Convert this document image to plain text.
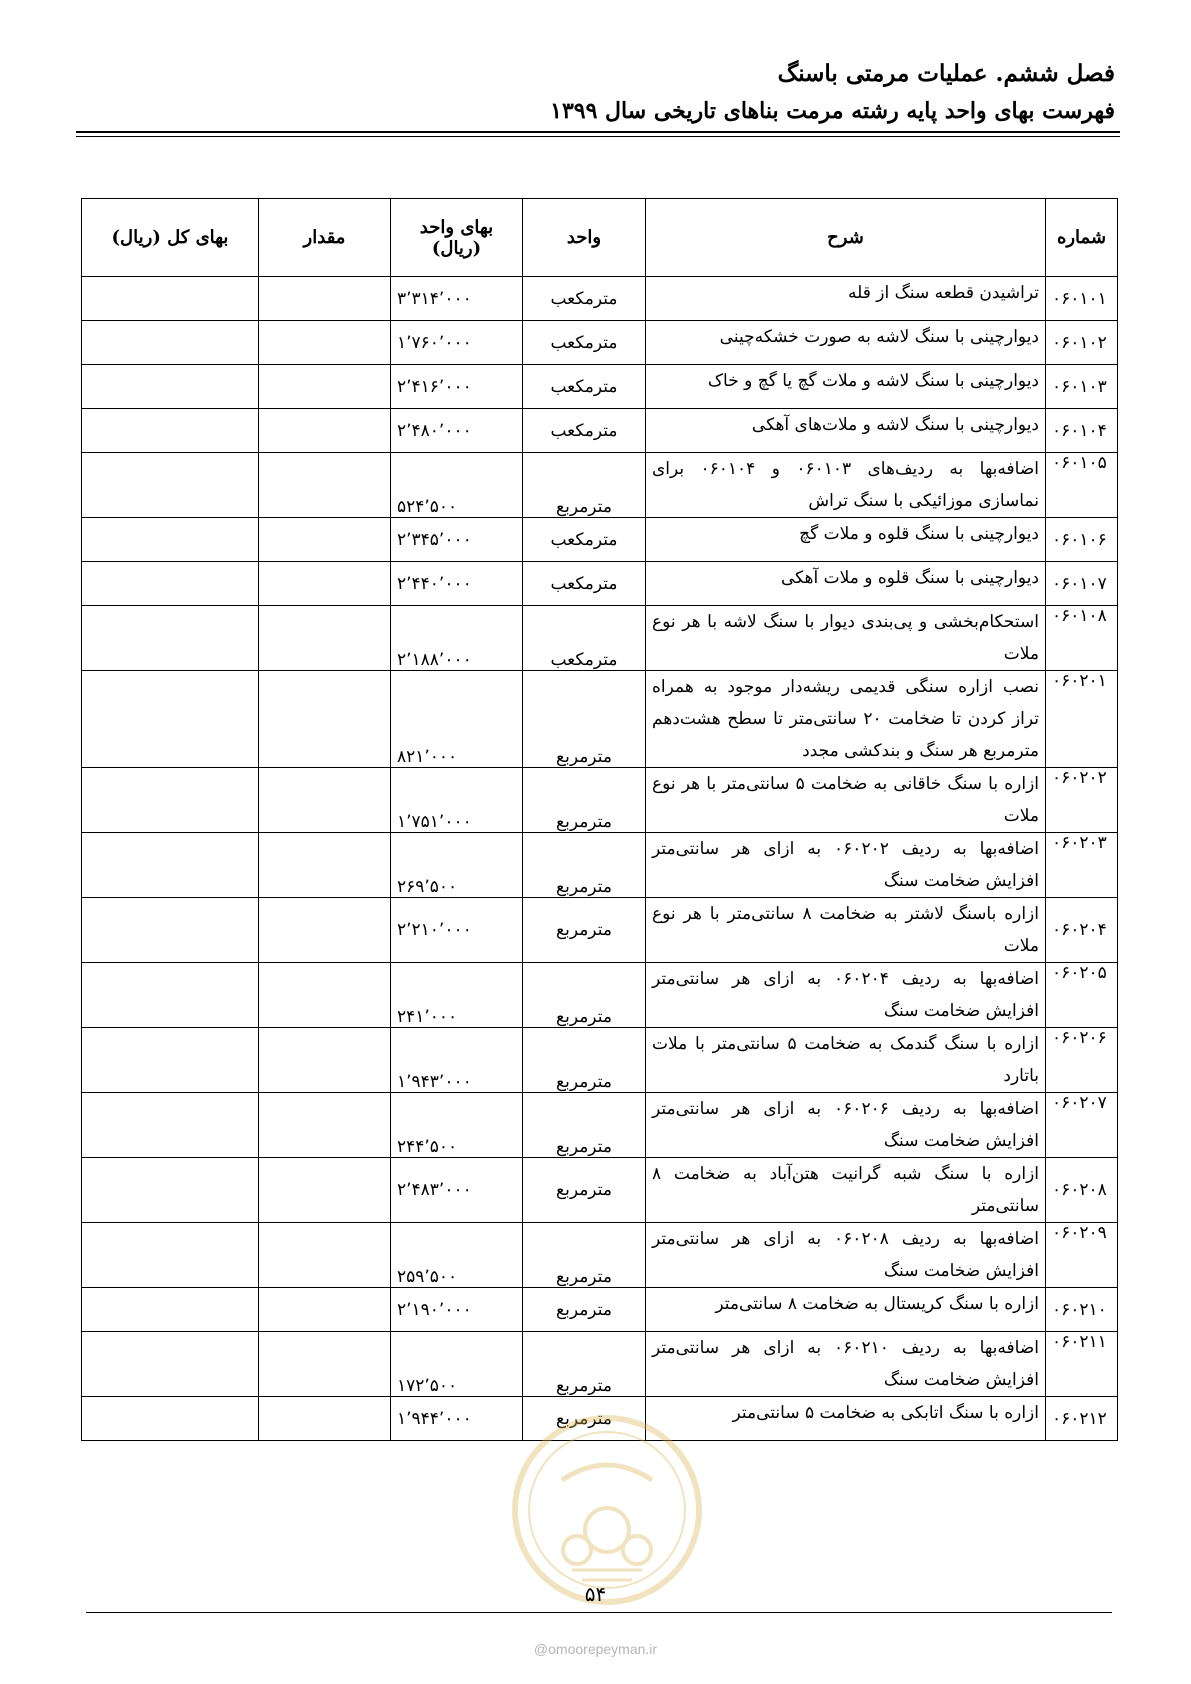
فصل ششم. عملیات مرمتی باسنگ
فهرست بهای واحد پایه رشته مرمت بناهای تاریخی سال ۱۳۹۹
شماره	شرح	واحد	بهای واحد (ریال)	مقدار	بهای کل (ریال)
۰۶۰۱۰۱	تراشیدن قطعه سنگ از قله	مترمکعب	۳٬۳۱۴٬۰۰۰		
۰۶۰۱۰۲	دیوارچینی با سنگ لاشه به صورت خشکه‌چینی	مترمکعب	۱٬۷۶۰٬۰۰۰		
۰۶۰۱۰۳	دیوارچینی با سنگ لاشه و ملات گچ یا گچ و خاک	مترمکعب	۲٬۴۱۶٬۰۰۰		
۰۶۰۱۰۴	دیوارچینی با سنگ لاشه و ملات‌های آهکی	مترمکعب	۲٬۴۸۰٬۰۰۰		
۰۶۰۱۰۵	اضافه‌بها به ردیف‌های ۰۶۰۱۰۳ و ۰۶۰۱۰۴ برای نماسازی موزائیکی با سنگ تراش	مترمربع	۵۲۴٬۵۰۰		
۰۶۰۱۰۶	دیوارچینی با سنگ قلوه و ملات گچ	مترمکعب	۲٬۳۴۵٬۰۰۰		
۰۶۰۱۰۷	دیوارچینی با سنگ قلوه و ملات آهکی	مترمکعب	۲٬۴۴۰٬۰۰۰		
۰۶۰۱۰۸	استحکام‌بخشی و پی‌بندی دیوار با سنگ لاشه با هر نوع ملات	مترمکعب	۲٬۱۸۸٬۰۰۰		
۰۶۰۲۰۱	نصب ازاره سنگی قدیمی ریشه‌دار موجود به همراه تراز کردن تا ضخامت ۲۰ سانتی‌متر تا سطح هشت‌دهم مترمربع هر سنگ و بندکشی مجدد	مترمربع	۸۲۱٬۰۰۰		
۰۶۰۲۰۲	ازاره با سنگ خاقانی به ضخامت ۵ سانتی‌متر با هر نوع ملات	مترمربع	۱٬۷۵۱٬۰۰۰		
۰۶۰۲۰۳	اضافه‌بها به ردیف ۰۶۰۲۰۲ به ازای هر سانتی‌متر افزایش ضخامت سنگ	مترمربع	۲۶۹٬۵۰۰		
۰۶۰۲۰۴	ازاره باسنگ لاشتر به ضخامت ۸ سانتی‌متر با هر نوع ملات	مترمربع	۲٬۲۱۰٬۰۰۰		
۰۶۰۲۰۵	اضافه‌بها به ردیف ۰۶۰۲۰۴ به ازای هر سانتی‌متر افزایش ضخامت سنگ	مترمربع	۲۴۱٬۰۰۰		
۰۶۰۲۰۶	ازاره با سنگ گندمک به ضخامت ۵ سانتی‌متر با ملات باتارد	مترمربع	۱٬۹۴۳٬۰۰۰		
۰۶۰۲۰۷	اضافه‌بها به ردیف ۰۶۰۲۰۶ به ازای هر سانتی‌متر افزایش ضخامت سنگ	مترمربع	۲۴۴٬۵۰۰		
۰۶۰۲۰۸	ازاره با سنگ شبه گرانیت هتن‌آباد به ضخامت ۸ سانتی‌متر	مترمربع	۲٬۴۸۳٬۰۰۰		
۰۶۰۲۰۹	اضافه‌بها به ردیف ۰۶۰۲۰۸ به ازای هر سانتی‌متر افزایش ضخامت سنگ	مترمربع	۲۵۹٬۵۰۰		
۰۶۰۲۱۰	ازاره با سنگ کریستال به ضخامت ۸ سانتی‌متر	مترمربع	۲٬۱۹۰٬۰۰۰		
۰۶۰۲۱۱	اضافه‌بها به ردیف ۰۶۰۲۱۰ به ازای هر سانتی‌متر افزایش ضخامت سنگ	مترمربع	۱۷۲٬۵۰۰		
۰۶۰۲۱۲	ازاره با سنگ اتابکی به ضخامت ۵ سانتی‌متر	مترمربع	۱٬۹۴۴٬۰۰۰		
۵۴
@omoorepeyman.ir
